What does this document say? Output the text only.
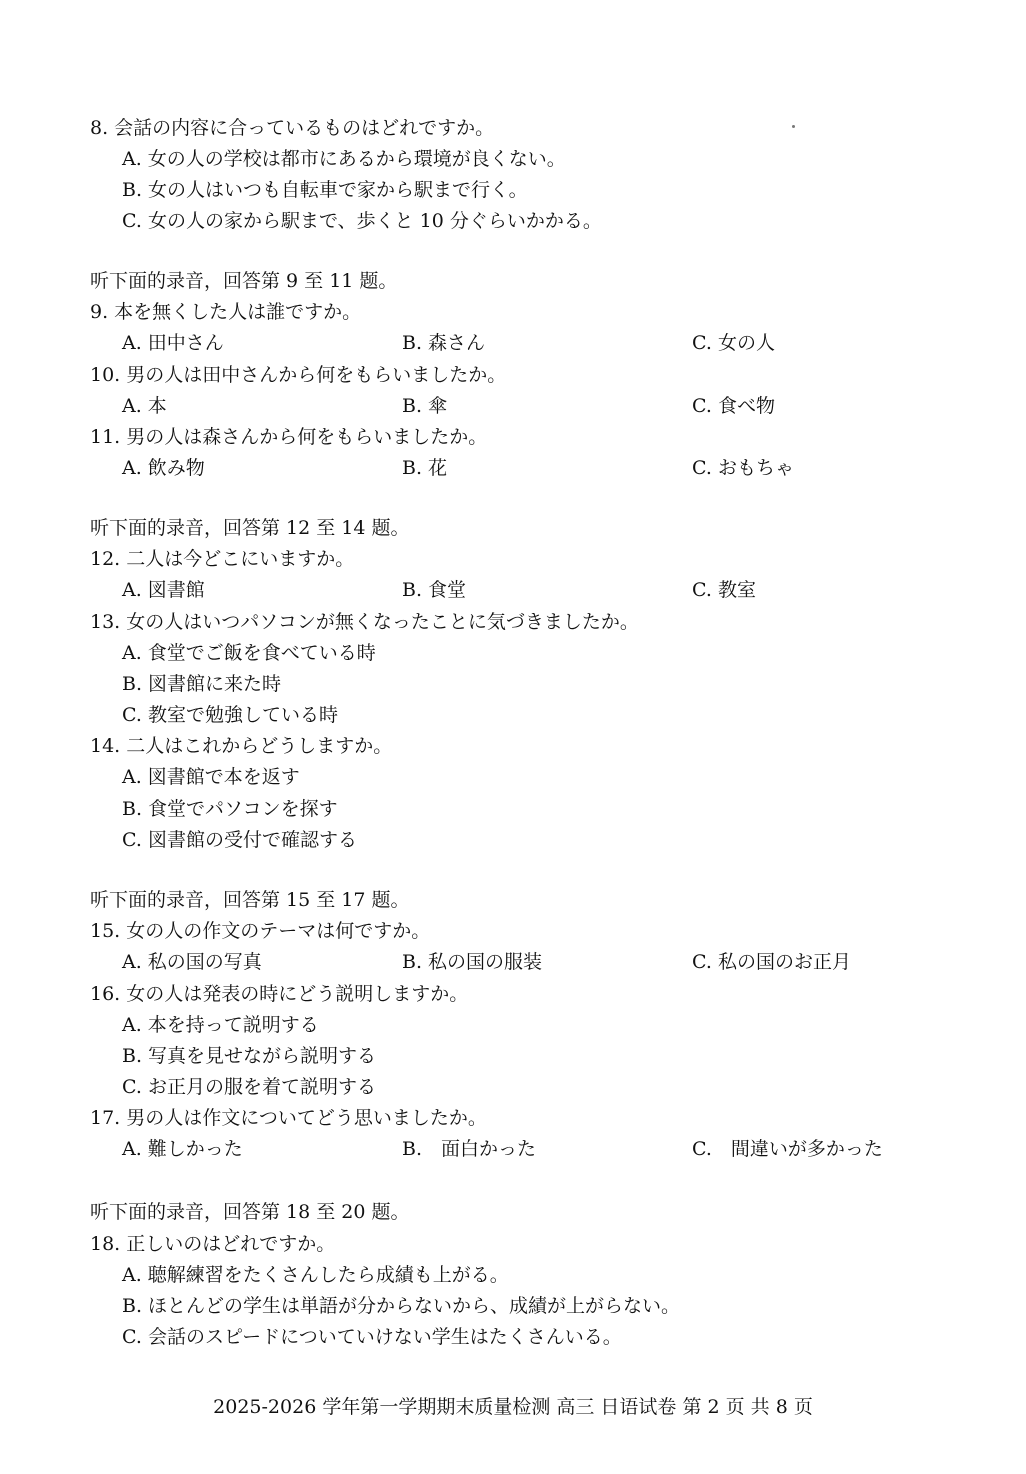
8. 会話の内容に合っているものはどれですか。
A. 女の人の学校は都市にあるから環境が良くない。
B. 女の人はいつも自転車で家から駅まで行く。
C. 女の人の家から駅まで、歩くと 10 分ぐらいかかる。
听下面的录音，回答第 9 至 11 题。
9. 本を無くした人は誰ですか。
A. 田中さん	B. 森さん	C. 女の人
10. 男の人は田中さんから何をもらいましたか。
A. 本	B. 傘	C. 食べ物
11. 男の人は森さんから何をもらいましたか。
A. 飲み物	B. 花	C. おもちゃ
听下面的录音，回答第 12 至 14 题。
12. 二人は今どこにいますか。
A. 図書館	B. 食堂	C. 教室
13. 女の人はいつパソコンが無くなったことに気づきましたか。
A. 食堂でご飯を食べている時
B. 図書館に来た時
C. 教室で勉強している時
14. 二人はこれからどうしますか。
A. 図書館で本を返す
B. 食堂でパソコンを探す
C. 図書館の受付で確認する
听下面的录音，回答第 15 至 17 题。
15. 女の人の作文のテーマは何ですか。
A. 私の国の写真	B. 私の国の服装	C. 私の国のお正月
16. 女の人は発表の時にどう説明しますか。
A. 本を持って説明する
B. 写真を見せながら説明する
C. お正月の服を着て説明する
17. 男の人は作文についてどう思いましたか。
A. 難しかった	B.　面白かった	C.　間違いが多かった
听下面的录音，回答第 18 至 20 题。
18. 正しいのはどれですか。
A. 聴解練習をたくさんしたら成績も上がる。
B. ほとんどの学生は単語が分からないから、成績が上がらない。
C. 会話のスピードについていけない学生はたくさんいる。
2025-2026 学年第一学期期末质量检测 高三 日语试卷 第 2 页 共 8 页
